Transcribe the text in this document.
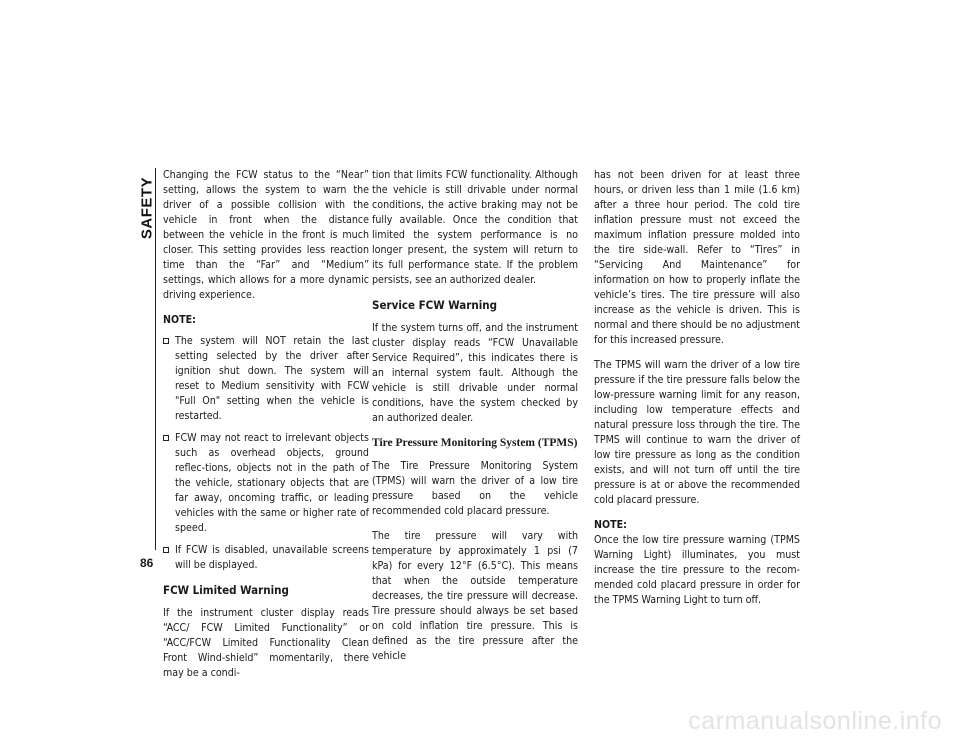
SAFETY
86

Changing the FCW status to the “Near” setting, allows the system to warn the driver of a possible collision with the vehicle in front when the distance between the vehicle in the front is much closer. This setting provides less reaction time than the “Far” and “Medium” settings, which allows for a more dynamic driving experience.

NOTE:
The system will NOT retain the last setting selected by the driver after ignition shut down. The system will reset to Medium sensitivity with FCW "Full On" setting when the vehicle is restarted.
FCW may not react to irrelevant objects such as overhead objects, ground reflec-tions, objects not in the path of the vehicle, stationary objects that are far away, oncoming traffic, or leading vehicles with the same or higher rate of speed.
If FCW is disabled, unavailable screens will be displayed.
FCW Limited Warning

If the instrument cluster display reads “ACC/ FCW Limited Functionality” or “ACC/FCW Limited Functionality Clean Front Wind-shield” momentarily, there may be a condi-

tion that limits FCW functionality. Although the vehicle is still drivable under normal conditions, the active braking may not be fully available. Once the condition that limited the system performance is no longer present, the system will return to its full performance state. If the problem persists, see an authorized dealer.

Service FCW Warning

If the system turns off, and the instrument cluster display reads “FCW Unavailable Service Required”, this indicates there is an internal system fault. Although the vehicle is still drivable under normal conditions, have the system checked by an authorized dealer.

Tire Pressure Monitoring System (TPMS)

The Tire Pressure Monitoring System (TPMS) will warn the driver of a low tire pressure based on the vehicle recommended cold placard pressure.

The tire pressure will vary with temperature by approximately 1 psi (7 kPa) for every 12°F (6.5°C). This means that when the outside temperature decreases, the tire pressure will decrease. Tire pressure should always be set based on cold inflation tire pressure. This is defined as the tire pressure after the vehicle

has not been driven for at least three hours, or driven less than 1 mile (1.6 km) after a three hour period. The cold tire inflation pressure must not exceed the maximum inflation pressure molded into the tire side-wall. Refer to “Tires” in “Servicing And Maintenance” for information on how to properly inflate the vehicle’s tires. The tire pressure will also increase as the vehicle is driven. This is normal and there should be no adjustment for this increased pressure.

The TPMS will warn the driver of a low tire pressure if the tire pressure falls below the low-pressure warning limit for any reason, including low temperature effects and natural pressure loss through the tire. The TPMS will continue to warn the driver of low tire pressure as long as the condition exists, and will not turn off until the tire pressure is at or above the recommended cold placard pressure.

NOTE:

Once the low tire pressure warning (TPMS Warning Light) illuminates, you must increase the tire pressure to the recom-mended cold placard pressure in order for the TPMS Warning Light to turn off.

carmanualsonline.info
